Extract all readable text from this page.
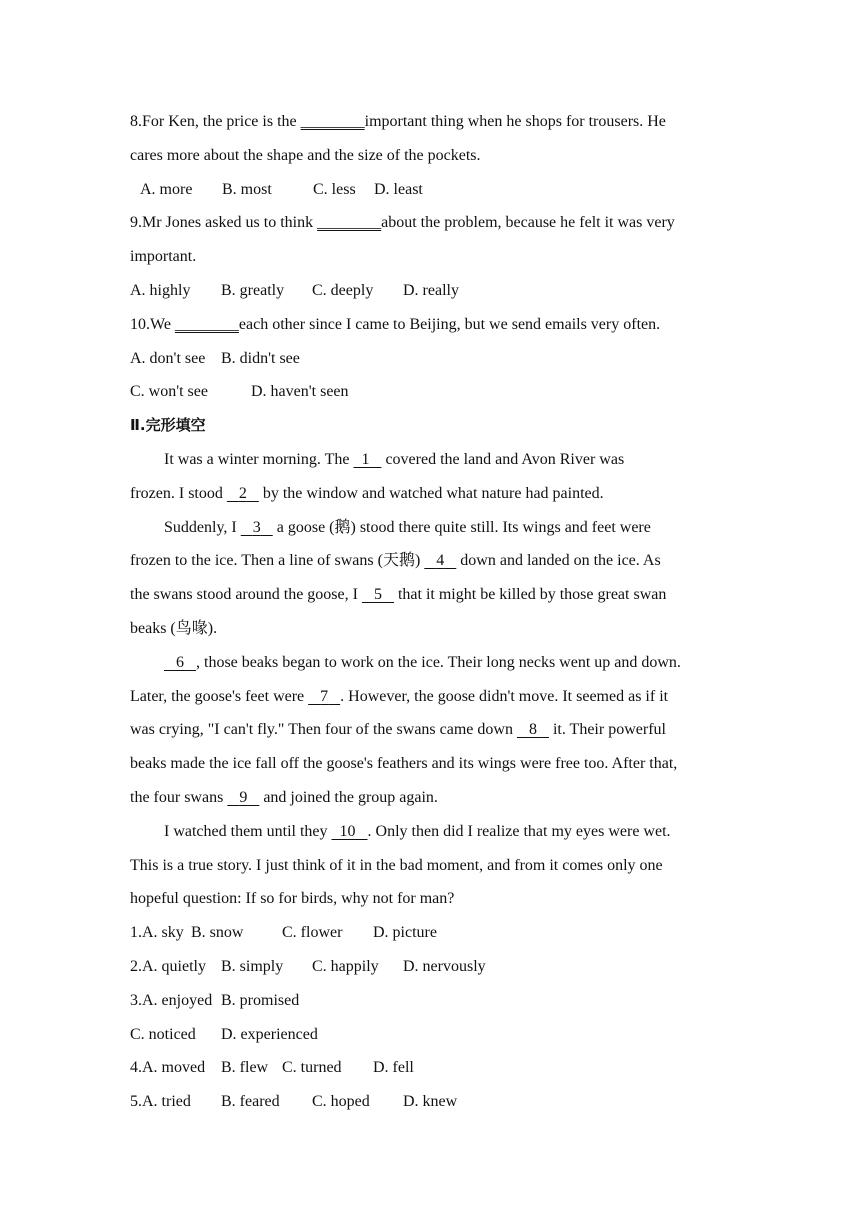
8.For Ken, the price is the ________important thing when he shops for trousers. He
cares more about the shape and the size of the pockets.
A. more B. most	C. less D. least
9.Mr Jones asked us to think ________about the problem, because he felt it was very
important.
A. highly B. greatly C. deeply D. really
10.We ________each other since I came to Beijing, but we send emails very often.
A. don't see B. didn't see
C. won't see	D. haven't seen
Ⅱ.完形填空
It was a winter morning. The   1    covered the land and Avon River was
frozen. I stood    2    by the window and watched what nature had painted.
Suddenly, I    3    a goose (鹅) stood there quite still. Its wings and feet were
frozen to the ice. Then a line of swans (天鹅)    4    down and landed on the ice. As
the swans stood around the goose, I    5    that it might be killed by those great swan
beaks (鸟喙).
6 , those beaks began to work on the ice. Their long necks went up and down.
Later, the goose's feet were    7 . However, the goose didn't move. It seemed as if it
was crying, "I can't fly." Then four of the swans came down    8    it. Their powerful
beaks made the ice fall off the goose's feathers and its wings were free too. After that,
the four swans    9    and joined the group again.
I watched them until they   10 . Only then did I realize that my eyes were wet.
This is a true story. I just think of it in the bad moment, and from it comes only one
hopeful question: If so for birds, why not for man?
1.A. sky B. snow C. flower D. picture
2.A. quietly B. simply C. happily D. nervously
3.A. enjoyed B. promised
C. noticed D. experienced
4.A. moved B. flew C. turned D. fell
5.A. tried B. feared C. hoped D. knew
